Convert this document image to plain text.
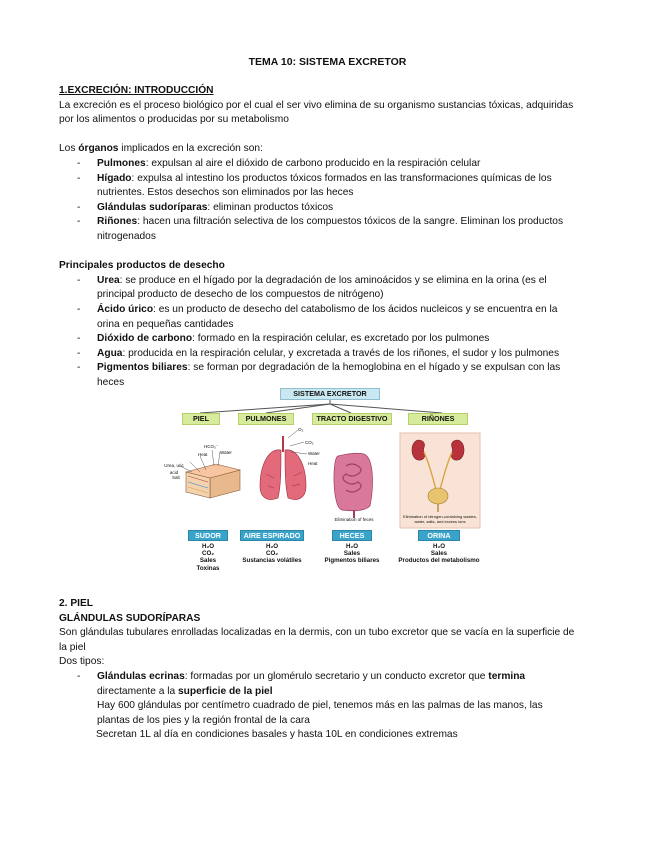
TEMA 10: SISTEMA EXCRETOR
1.EXCRECIÓN: INTRODUCCIÓN
La excreción es el proceso biológico por el cual el ser vivo elimina de su organismo sustancias tóxicas, adquiridas
por los alimentos o producidas por su metabolismo
Los órganos implicados en la excreción son:
- Pulmones: expulsan al aire el dióxido de carbono producido en la respiración celular
- Hígado: expulsa al intestino los productos tóxicos formados en las transformaciones químicas de los
nutrientes. Estos desechos son eliminados por las heces
- Glándulas sudoríparas: eliminan productos tóxicos
- Riñones: hacen una filtración selectiva de los compuestos tóxicos de la sangre. Eliminan los productos
nitrogenados
Principales productos de desecho
- Urea: se produce en el hígado por la degradación de los aminoácidos y se elimina en la orina (es el
principal producto de desecho de los compuestos de nitrógeno)
- Ácido úrico: es un producto de desecho del catabolismo de los ácidos nucleicos y se encuentra en la
orina en pequeñas cantidades
- Dióxido de carbono: formado en la respiración celular, es excretado por los pulmones
- Agua: producida en la respiración celular, y excretada a través de los riñones, el sudor y los pulmones
- Pigmentos biliares: se forman por degradación de la hemoglobina en el hígado y se expulsan con las
heces
SISTEMA EXCRETOR
PIEL	PULMONES	TRACTO DIGESTIVO	RIÑONES
HCO₃⁻
Heat	Water
Urea, uric acid
Salt
O₂
CO₂
Water
Heat
Elimination of feces
Elimination of nitrogen-containing wastes, water, salts, and excess ions
SUDOR	AIRE ESPIRADO	HECES	ORINA
H₂O
CO₂
Sales
Toxinas
H₂O
CO₂
Sustancias volátiles
H₂O
Sales
Pigmentos biliares
H₂O
Sales
Productos del metabolismo
2. PIEL
GLÁNDULAS SUDORÍPARAS
Son glándulas tubulares enrolladas localizadas en la dermis, con un tubo excretor que se vacía en la superficie de
la piel
Dos tipos:
- Glándulas ecrinas: formadas por un glomérulo secretario y un conducto excretor que termina
directamente a la superficie de la piel
Hay 600 glándulas por centímetro cuadrado de piel, tenemos más en las palmas de las manos, las
plantas de los pies y la región frontal de la cara
Secretan 1L al día en condiciones basales y hasta 10L en condiciones extremas
